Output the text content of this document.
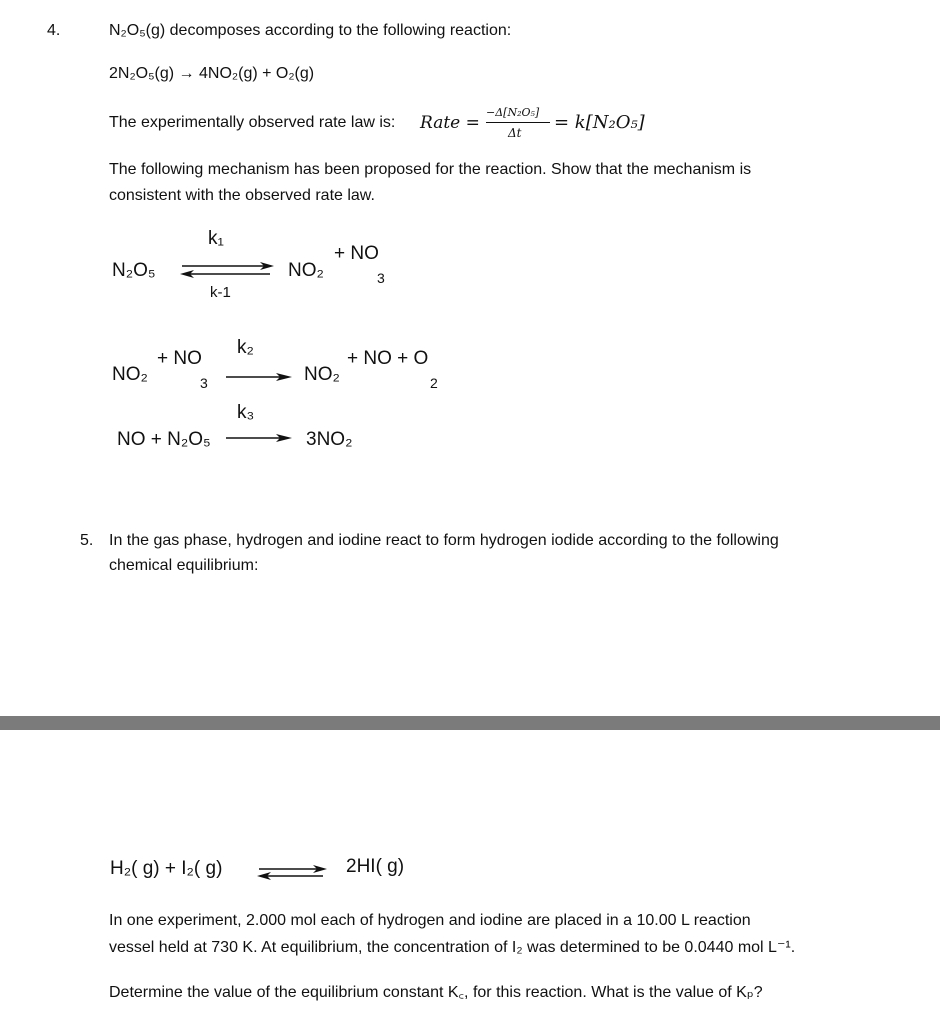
4.	N₂O₅(g) decomposes according to the following reaction:
2N₂O₅(g) → 4NO₂(g) + O₂(g)
The experimentally observed rate law is: Rate =
−Δ[N₂O₅]
Δt = k[N₂O₅]
The following mechanism has been proposed for the reaction. Show that the mechanism is
consistent with the observed rate law.
N₂O₅
k₁
k-1
NO₂
+ NO
3
NO₂
+ NO
3
k₂
NO₂
+ NO + O
2
k₃
NO + N₂O₅	3NO₂
5. In the gas phase, hydrogen and iodine react to form hydrogen iodide according to the following
chemical equilibrium:
H₂( g) + I₂( g)	2HI( g)
In one experiment, 2.000 mol each of hydrogen and iodine are placed in a 10.00 L reaction
vessel held at 730 K. At equilibrium, the concentration of I₂ was determined to be 0.0440 mol L⁻¹.
Determine the value of the equilibrium constant K꜀, for this reaction. What is the value of Kₚ?
